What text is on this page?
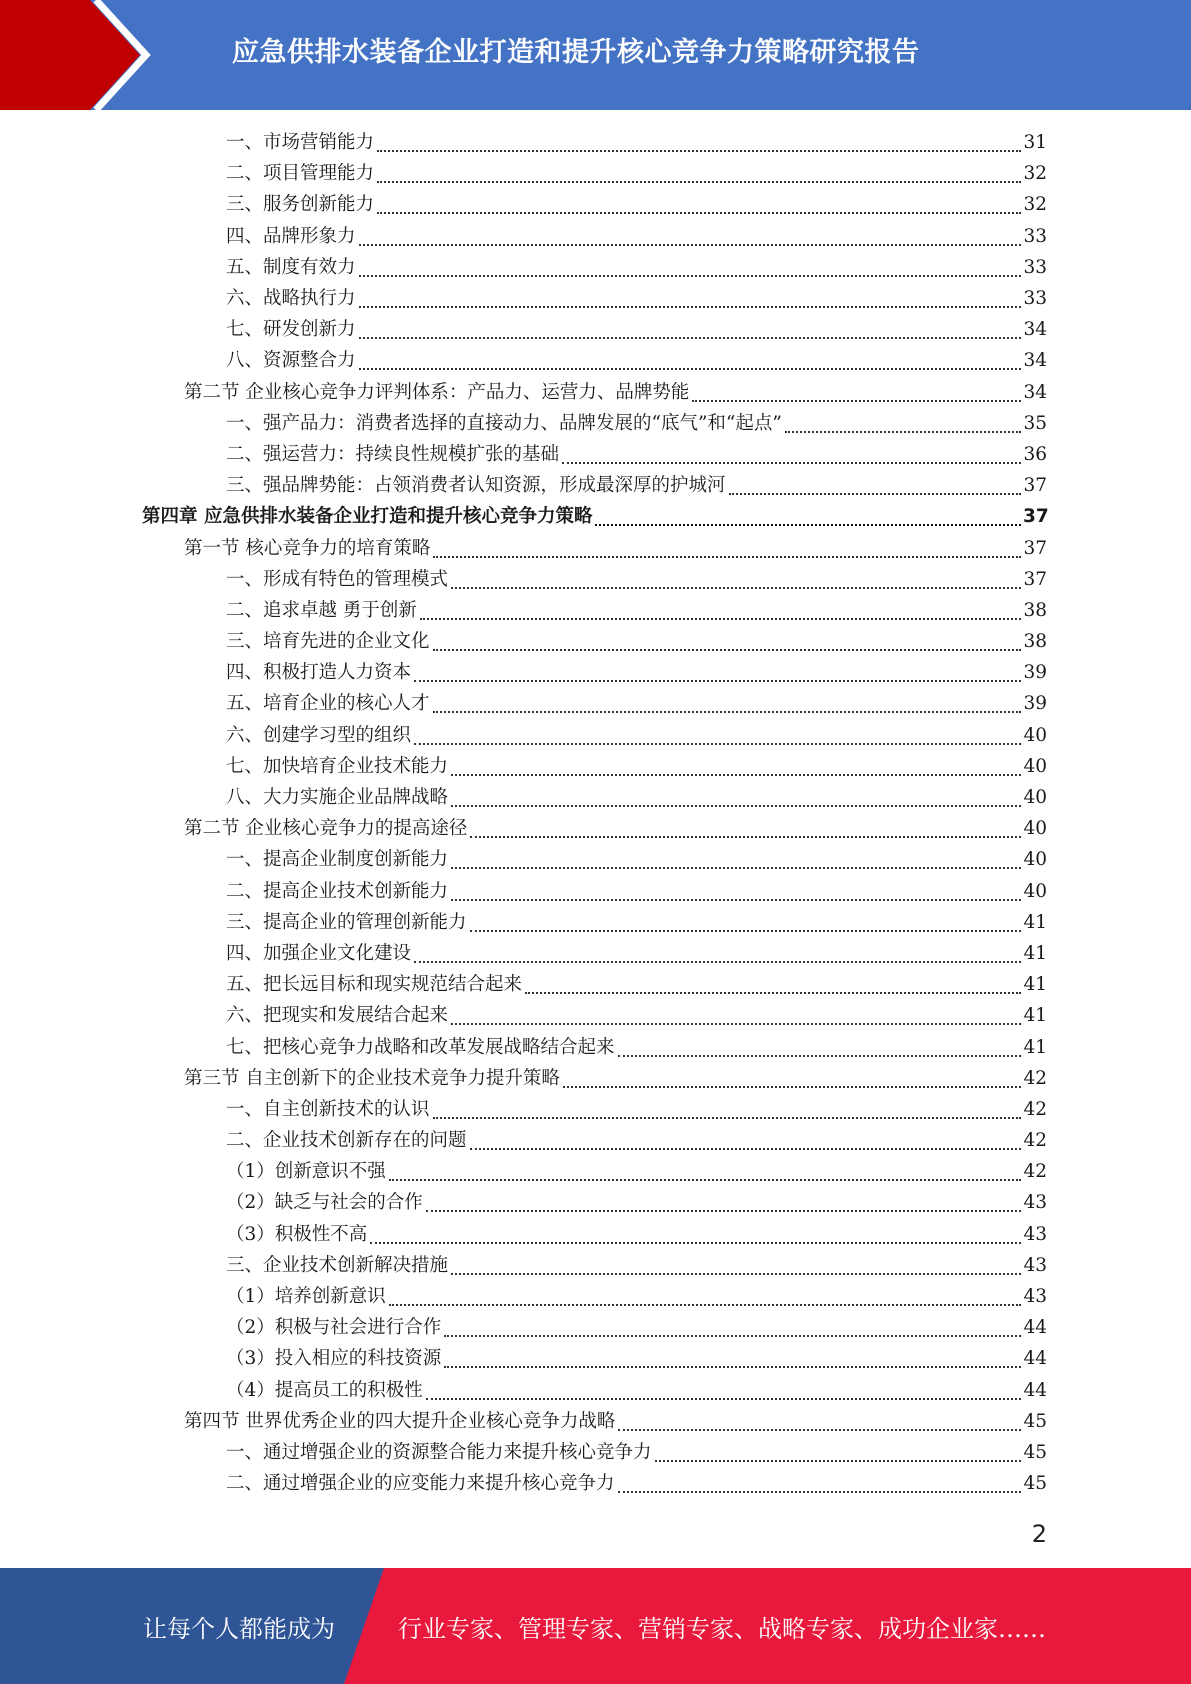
应急供排水装备企业打造和提升核心竞争力策略研究报告
一、市场营销能力	31
二、项目管理能力	32
三、服务创新能力	32
四、品牌形象力	33
五、制度有效力	33
六、战略执行力	33
七、研发创新力	34
八、资源整合力	34
第二节 企业核心竞争力评判体系：产品力、运营力、品牌势能	34
一、强产品力：消费者选择的直接动力、品牌发展的“底气”和“起点”	35
二、强运营力：持续良性规模扩张的基础	36
三、强品牌势能：占领消费者认知资源，形成最深厚的护城河	37
第四章 应急供排水装备企业打造和提升核心竞争力策略	37
第一节 核心竞争力的培育策略	37
一、形成有特色的管理模式	37
二、追求卓越 勇于创新	38
三、培育先进的企业文化	38
四、积极打造人力资本	39
五、培育企业的核心人才	39
六、创建学习型的组织	40
七、加快培育企业技术能力	40
八、大力实施企业品牌战略	40
第二节 企业核心竞争力的提高途径	40
一、提高企业制度创新能力	40
二、提高企业技术创新能力	40
三、提高企业的管理创新能力	41
四、加强企业文化建设	41
五、把长远目标和现实规范结合起来	41
六、把现实和发展结合起来	41
七、把核心竞争力战略和改革发展战略结合起来	41
第三节 自主创新下的企业技术竞争力提升策略	42
一、自主创新技术的认识	42
二、企业技术创新存在的问题	42
（1）创新意识不强	42
（2）缺乏与社会的合作	43
（3）积极性不高	43
三、企业技术创新解决措施	43
（1）培养创新意识	43
（2）积极与社会进行合作	44
（3）投入相应的科技资源	44
（4）提高员工的积极性	44
第四节 世界优秀企业的四大提升企业核心竞争力战略	45
一、通过增强企业的资源整合能力来提升核心竞争力	45
二、通过增强企业的应变能力来提升核心竞争力	45
2
让每个人都能成为	行业专家、管理专家、营销专家、战略专家、成功企业家……
